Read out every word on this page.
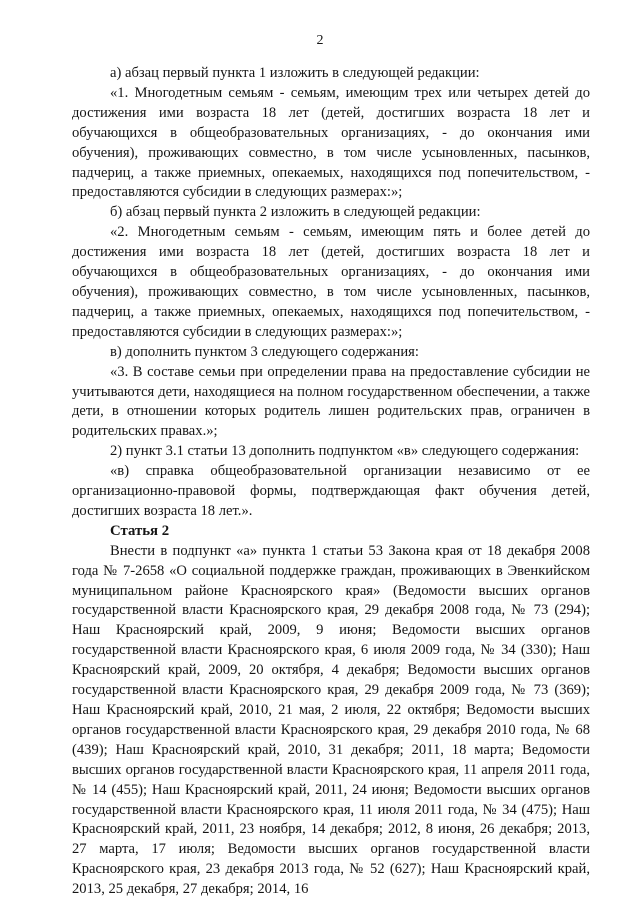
2

а) абзац первый пункта 1 изложить в следующей редакции:

«1. Многодетным семьям - семьям, имеющим трех или четырех детей до достижения ими возраста 18 лет (детей, достигших возраста 18 лет и обучающихся в общеобразовательных организациях, - до окончания ими обучения), проживающих совместно, в том числе усыновленных, пасынков, падчериц, а также приемных, опекаемых, находящихся под попечительством, - предоставляются субсидии в следующих размерах:»;

б) абзац первый пункта 2 изложить в следующей редакции:

«2. Многодетным семьям - семьям, имеющим пять и более детей до достижения ими возраста 18 лет (детей, достигших возраста 18 лет и обучающихся в общеобразовательных организациях, - до окончания ими обучения), проживающих совместно, в том числе усыновленных, пасынков, падчериц, а также приемных, опекаемых, находящихся под попечительством, - предоставляются субсидии в следующих размерах:»;

в) дополнить пунктом 3 следующего содержания:

«3. В составе семьи при определении права на предоставление субсидии не учитываются дети, находящиеся на полном государственном обеспечении, а также дети, в отношении которых родитель лишен родительских прав, ограничен в родительских правах.»;

2) пункт 3.1 статьи 13 дополнить подпунктом «в» следующего содержания:

«в) справка общеобразовательной организации независимо от ее организационно-правовой формы, подтверждающая факт обучения детей, достигших возраста 18 лет.».

Статья 2

Внести в подпункт «а» пункта 1 статьи 53 Закона края от 18 декабря 2008 года № 7-2658 «О социальной поддержке граждан, проживающих в Эвенкийском муниципальном районе Красноярского края» (Ведомости высших органов государственной власти Красноярского края, 29 декабря 2008 года, № 73 (294); Наш Красноярский край, 2009, 9 июня; Ведомости высших органов государственной власти Красноярского края, 6 июля 2009 года, № 34 (330); Наш Красноярский край, 2009, 20 октября, 4 декабря; Ведомости высших органов государственной власти Красноярского края, 29 декабря 2009 года, № 73 (369); Наш Красноярский край, 2010, 21 мая, 2 июля, 22 октября; Ведомости высших органов государственной власти Красноярского края, 29 декабря 2010 года, № 68 (439); Наш Красноярский край, 2010, 31 декабря; 2011, 18 марта; Ведомости высших органов государственной власти Красноярского края, 11 апреля 2011 года, № 14 (455); Наш Красноярский край, 2011, 24 июня; Ведомости высших органов государственной власти Красноярского края, 11 июля 2011 года, № 34 (475); Наш Красноярский край, 2011, 23 ноября, 14 декабря; 2012, 8 июня, 26 декабря; 2013, 27 марта, 17 июля; Ведомости высших органов государственной власти Красноярского края, 23 декабря 2013 года, № 52 (627); Наш Красноярский край, 2013, 25 декабря, 27 декабря; 2014, 16
